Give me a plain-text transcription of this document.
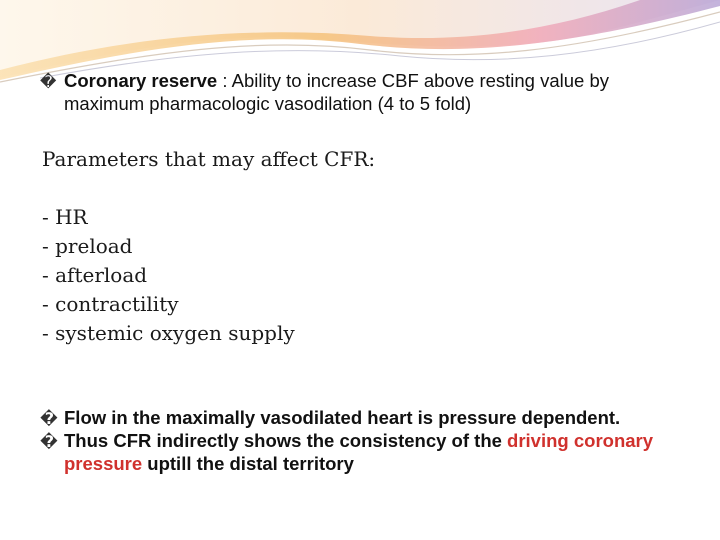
� Coronary reserve : Ability to increase CBF above resting value by maximum pharmacologic vasodilation (4 to 5 fold)

Parameters that may affect CFR:
- HR
- preload
- afterload
- contractility
- systemic oxygen supply

� Flow in the maximally vasodilated heart is pressure dependent.

� Thus CFR indirectly shows the consistency of the driving coronary pressure uptill the distal territory
